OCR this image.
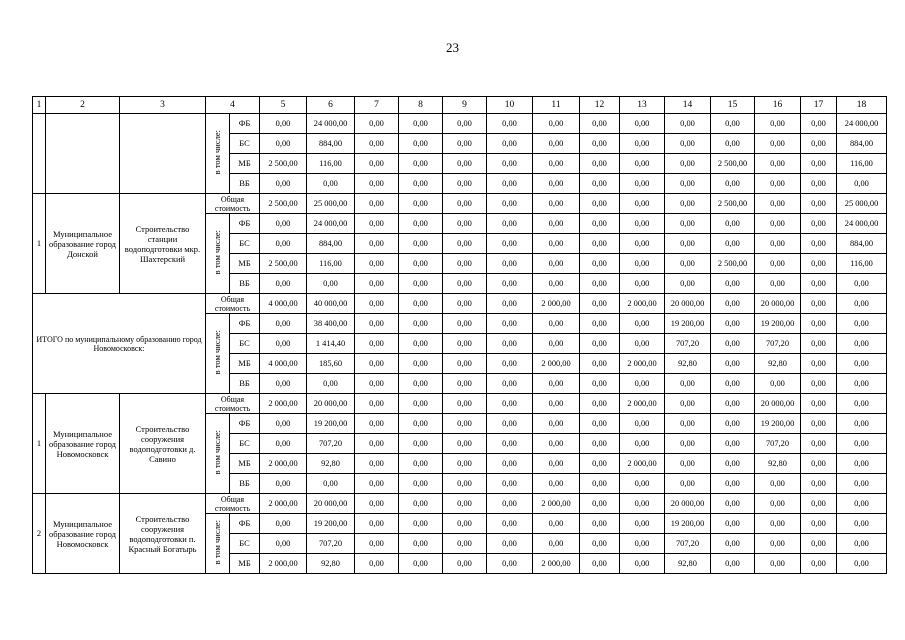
23
1	2	3	4		5	6	7	8	9	10	11	12	13	14	15	16	17	18
			в том числе:	ФБ	0,00	24 000,00	0,00	0,00	0,00	0,00	0,00	0,00	0,00	0,00	0,00	0,00	0,00	24 000,00
				БС	0,00	884,00	0,00	0,00	0,00	0,00	0,00	0,00	0,00	0,00	0,00	0,00	0,00	884,00
				МБ	2 500,00	116,00	0,00	0,00	0,00	0,00	0,00	0,00	0,00	0,00	2 500,00	0,00	0,00	116,00
				ВБ	0,00	0,00	0,00	0,00	0,00	0,00	0,00	0,00	0,00	0,00	0,00	0,00	0,00	0,00
1	Муниципальное образование город Донской	Строительство станции водоподготовки мкр. Шахтерский	Общая стоимость		2 500,00	25 000,00	0,00	0,00	0,00	0,00	0,00	0,00	0,00	0,00	2 500,00	0,00	0,00	25 000,00
			в том числе:	ФБ	0,00	24 000,00	0,00	0,00	0,00	0,00	0,00	0,00	0,00	0,00	0,00	0,00	0,00	24 000,00
				БС	0,00	884,00	0,00	0,00	0,00	0,00	0,00	0,00	0,00	0,00	0,00	0,00	0,00	884,00
				МБ	2 500,00	116,00	0,00	0,00	0,00	0,00	0,00	0,00	0,00	0,00	2 500,00	0,00	0,00	116,00
				ВБ	0,00	0,00	0,00	0,00	0,00	0,00	0,00	0,00	0,00	0,00	0,00	0,00	0,00	0,00
ИТОГО по муниципальному образованию город Новомосковск:			Общая стоимость		4 000,00	40 000,00	0,00	0,00	0,00	0,00	2 000,00	0,00	2 000,00	20 000,00	0,00	20 000,00	0,00	0,00
			в том числе:	ФБ	0,00	38 400,00	0,00	0,00	0,00	0,00	0,00	0,00	0,00	19 200,00	0,00	19 200,00	0,00	0,00
				БС	0,00	1 414,40	0,00	0,00	0,00	0,00	0,00	0,00	0,00	707,20	0,00	707,20	0,00	0,00
				МБ	4 000,00	185,60	0,00	0,00	0,00	0,00	2 000,00	0,00	2 000,00	92,80	0,00	92,80	0,00	0,00
				ВБ	0,00	0,00	0,00	0,00	0,00	0,00	0,00	0,00	0,00	0,00	0,00	0,00	0,00	0,00
1	Муниципальное образование город Новомосковск	Строительство сооружения водоподготовки д. Савино	Общая стоимость		2 000,00	20 000,00	0,00	0,00	0,00	0,00	0,00	0,00	2 000,00	0,00	0,00	20 000,00	0,00	0,00
			в том числе:	ФБ	0,00	19 200,00	0,00	0,00	0,00	0,00	0,00	0,00	0,00	0,00	0,00	19 200,00	0,00	0,00
				БС	0,00	707,20	0,00	0,00	0,00	0,00	0,00	0,00	0,00	0,00	0,00	707,20	0,00	0,00
				МБ	2 000,00	92,80	0,00	0,00	0,00	0,00	0,00	0,00	2 000,00	0,00	0,00	92,80	0,00	0,00
				ВБ	0,00	0,00	0,00	0,00	0,00	0,00	0,00	0,00	0,00	0,00	0,00	0,00	0,00	0,00
2	Муниципальное образование город Новомосковск	Строительство сооружения водоподготовки п. Красный Богатырь	Общая стоимость		2 000,00	20 000,00	0,00	0,00	0,00	0,00	2 000,00	0,00	0,00	20 000,00	0,00	0,00	0,00	0,00
			в том числе:	ФБ	0,00	19 200,00	0,00	0,00	0,00	0,00	0,00	0,00	0,00	19 200,00	0,00	0,00	0,00	0,00
				БС	0,00	707,20	0,00	0,00	0,00	0,00	0,00	0,00	0,00	707,20	0,00	0,00	0,00	0,00
				МБ	2 000,00	92,80	0,00	0,00	0,00	0,00	2 000,00	0,00	0,00	92,80	0,00	0,00	0,00	0,00
